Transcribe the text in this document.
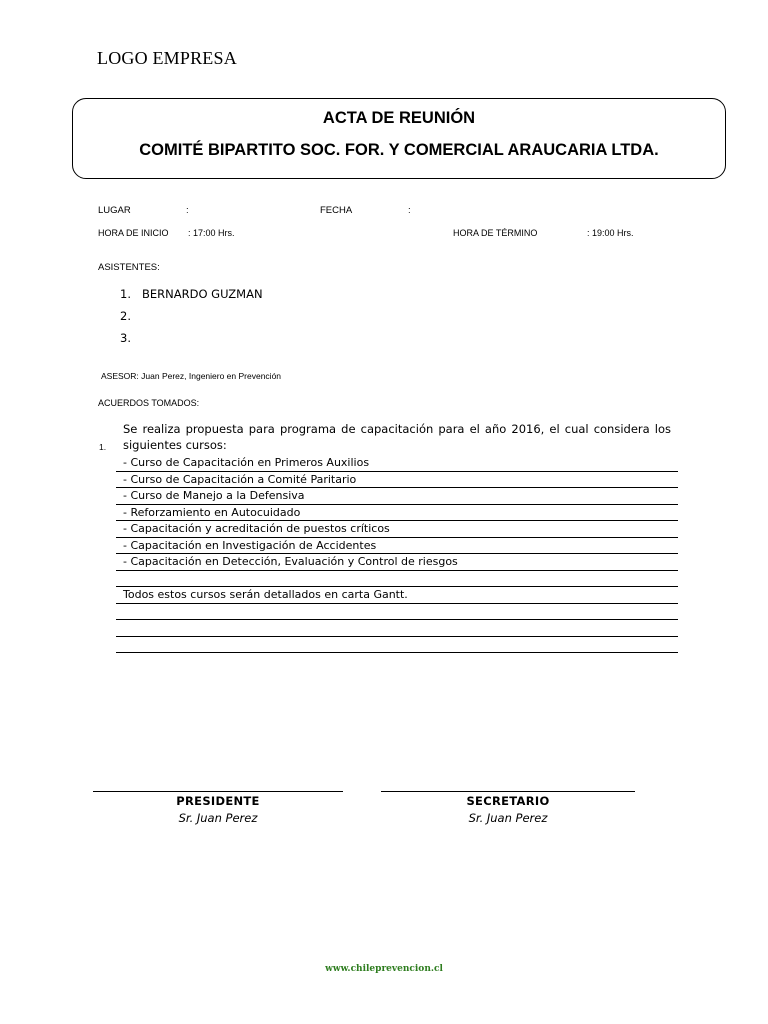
LOGO EMPRESA
ACTA DE REUNIÓN
COMITÉ BIPARTITO SOC. FOR. Y COMERCIAL ARAUCARIA LTDA.
LUGAR	:	FECHA	:
HORA DE INICIO : 17:00 Hrs.	HORA DE TÉRMINO	: 19:00 Hrs.
ASISTENTES:
1. BERNARDO GUZMAN
2.
3.
ASESOR: Juan Perez, Ingeniero en Prevención
ACUERDOS TOMADOS:
1.
Se realiza propuesta para programa de capacitación para el año 2016, el cual considera los siguientes cursos:
- Curso de Capacitación en Primeros Auxilios
- Curso de Capacitación a Comité Paritario
- Curso de Manejo a la Defensiva
- Reforzamiento en Autocuidado
- Capacitación y acreditación de puestos críticos
- Capacitación en Investigación de Accidentes
- Capacitación en Detección, Evaluación y Control de riesgos
Todos estos cursos serán detallados en carta Gantt.
PRESIDENTE
Sr. Juan Perez
SECRETARIO
Sr. Juan Perez
www.chileprevencion.cl
